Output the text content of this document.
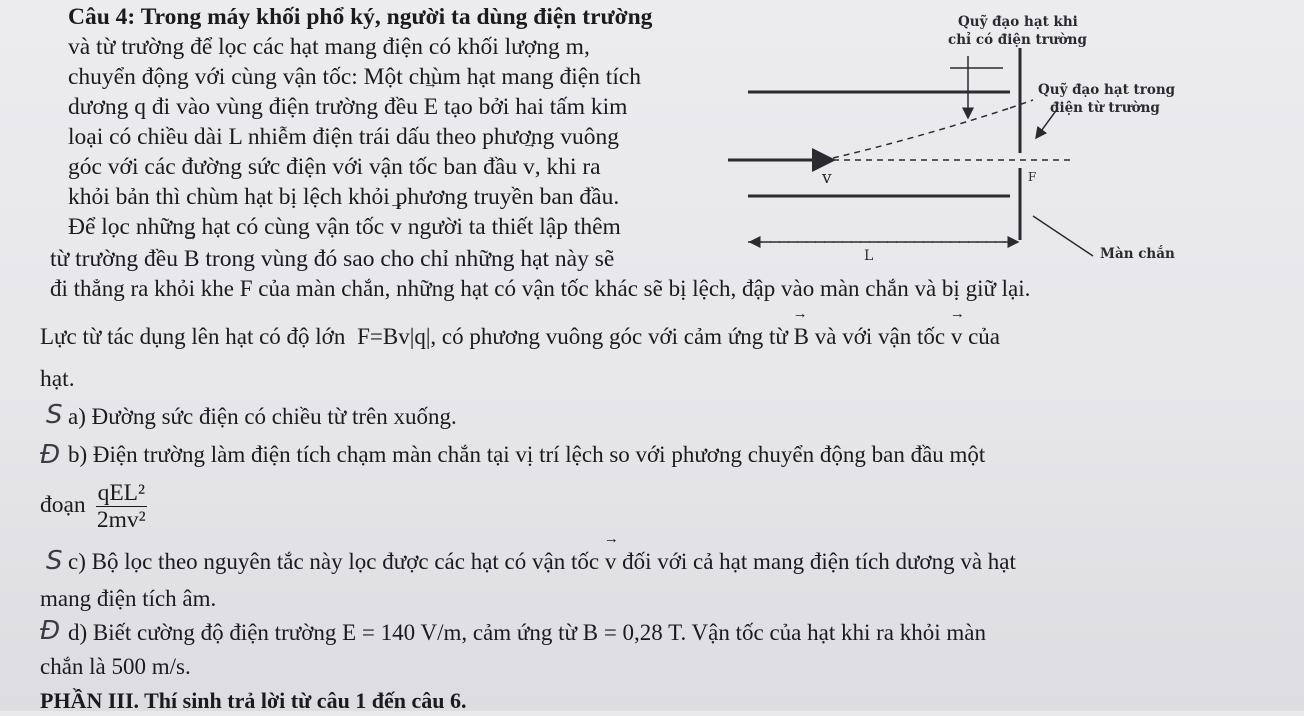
Câu 4: Trong máy khối phổ ký, người ta dùng điện trường
và từ trường để lọc các hạt mang điện có khối lượng m,
chuyển động với cùng vận tốc: Một chùm hạt mang điện tích
dương q đi vào vùng điện trường đều → E tạo bởi hai tấm kim
loại có chiều dài L nhiễm điện trái dấu theo phương vuông
góc với các đường sức điện với vận tốc ban đầu → v, khi ra
khỏi bản thì chùm hạt bị lệch khỏi phương truyền ban đầu.
Để lọc những hạt có cùng vận tốc → v người ta thiết lập thêm
từ trường đều → B trong vùng đó sao cho chỉ những hạt này sẽ
đi thẳng ra khỏi khe F của màn chắn, những hạt có vận tốc khác sẽ bị lệch, đập vào màn chắn và bị giữ lại.
Lực từ tác dụng lên hạt có độ lớn F=Bv|q|, có phương vuông góc với cảm ứng từ → B và với vận tốc → v của
hạt.
S a) Đường sức điện có chiều từ trên xuống.
Đ b) Điện trường làm điện tích chạm màn chắn tại vị trí lệch so với phương chuyển động ban đầu một
đoạn $\frac{\text{qEL²}}{\text{2mv²}}$
S c) Bộ lọc theo nguyên tắc này lọc được các hạt có vận tốc → v đối với cả hạt mang điện tích dương và hạt
mang điện tích âm.
Đ d) Biết cường độ điện trường E = 140 V/m, cảm ứng từ B = 0,28 T. Vận tốc của hạt khi ra khỏi màn
chắn là 500 m/s.
PHẦN III. Thí sinh trả lời từ câu 1 đến câu 6.
Quỹ đạo hạt khi
chỉ có điện trường
Quỹ đạo hạt trong
điện từ trường
→ v	F
L	Màn chắn
